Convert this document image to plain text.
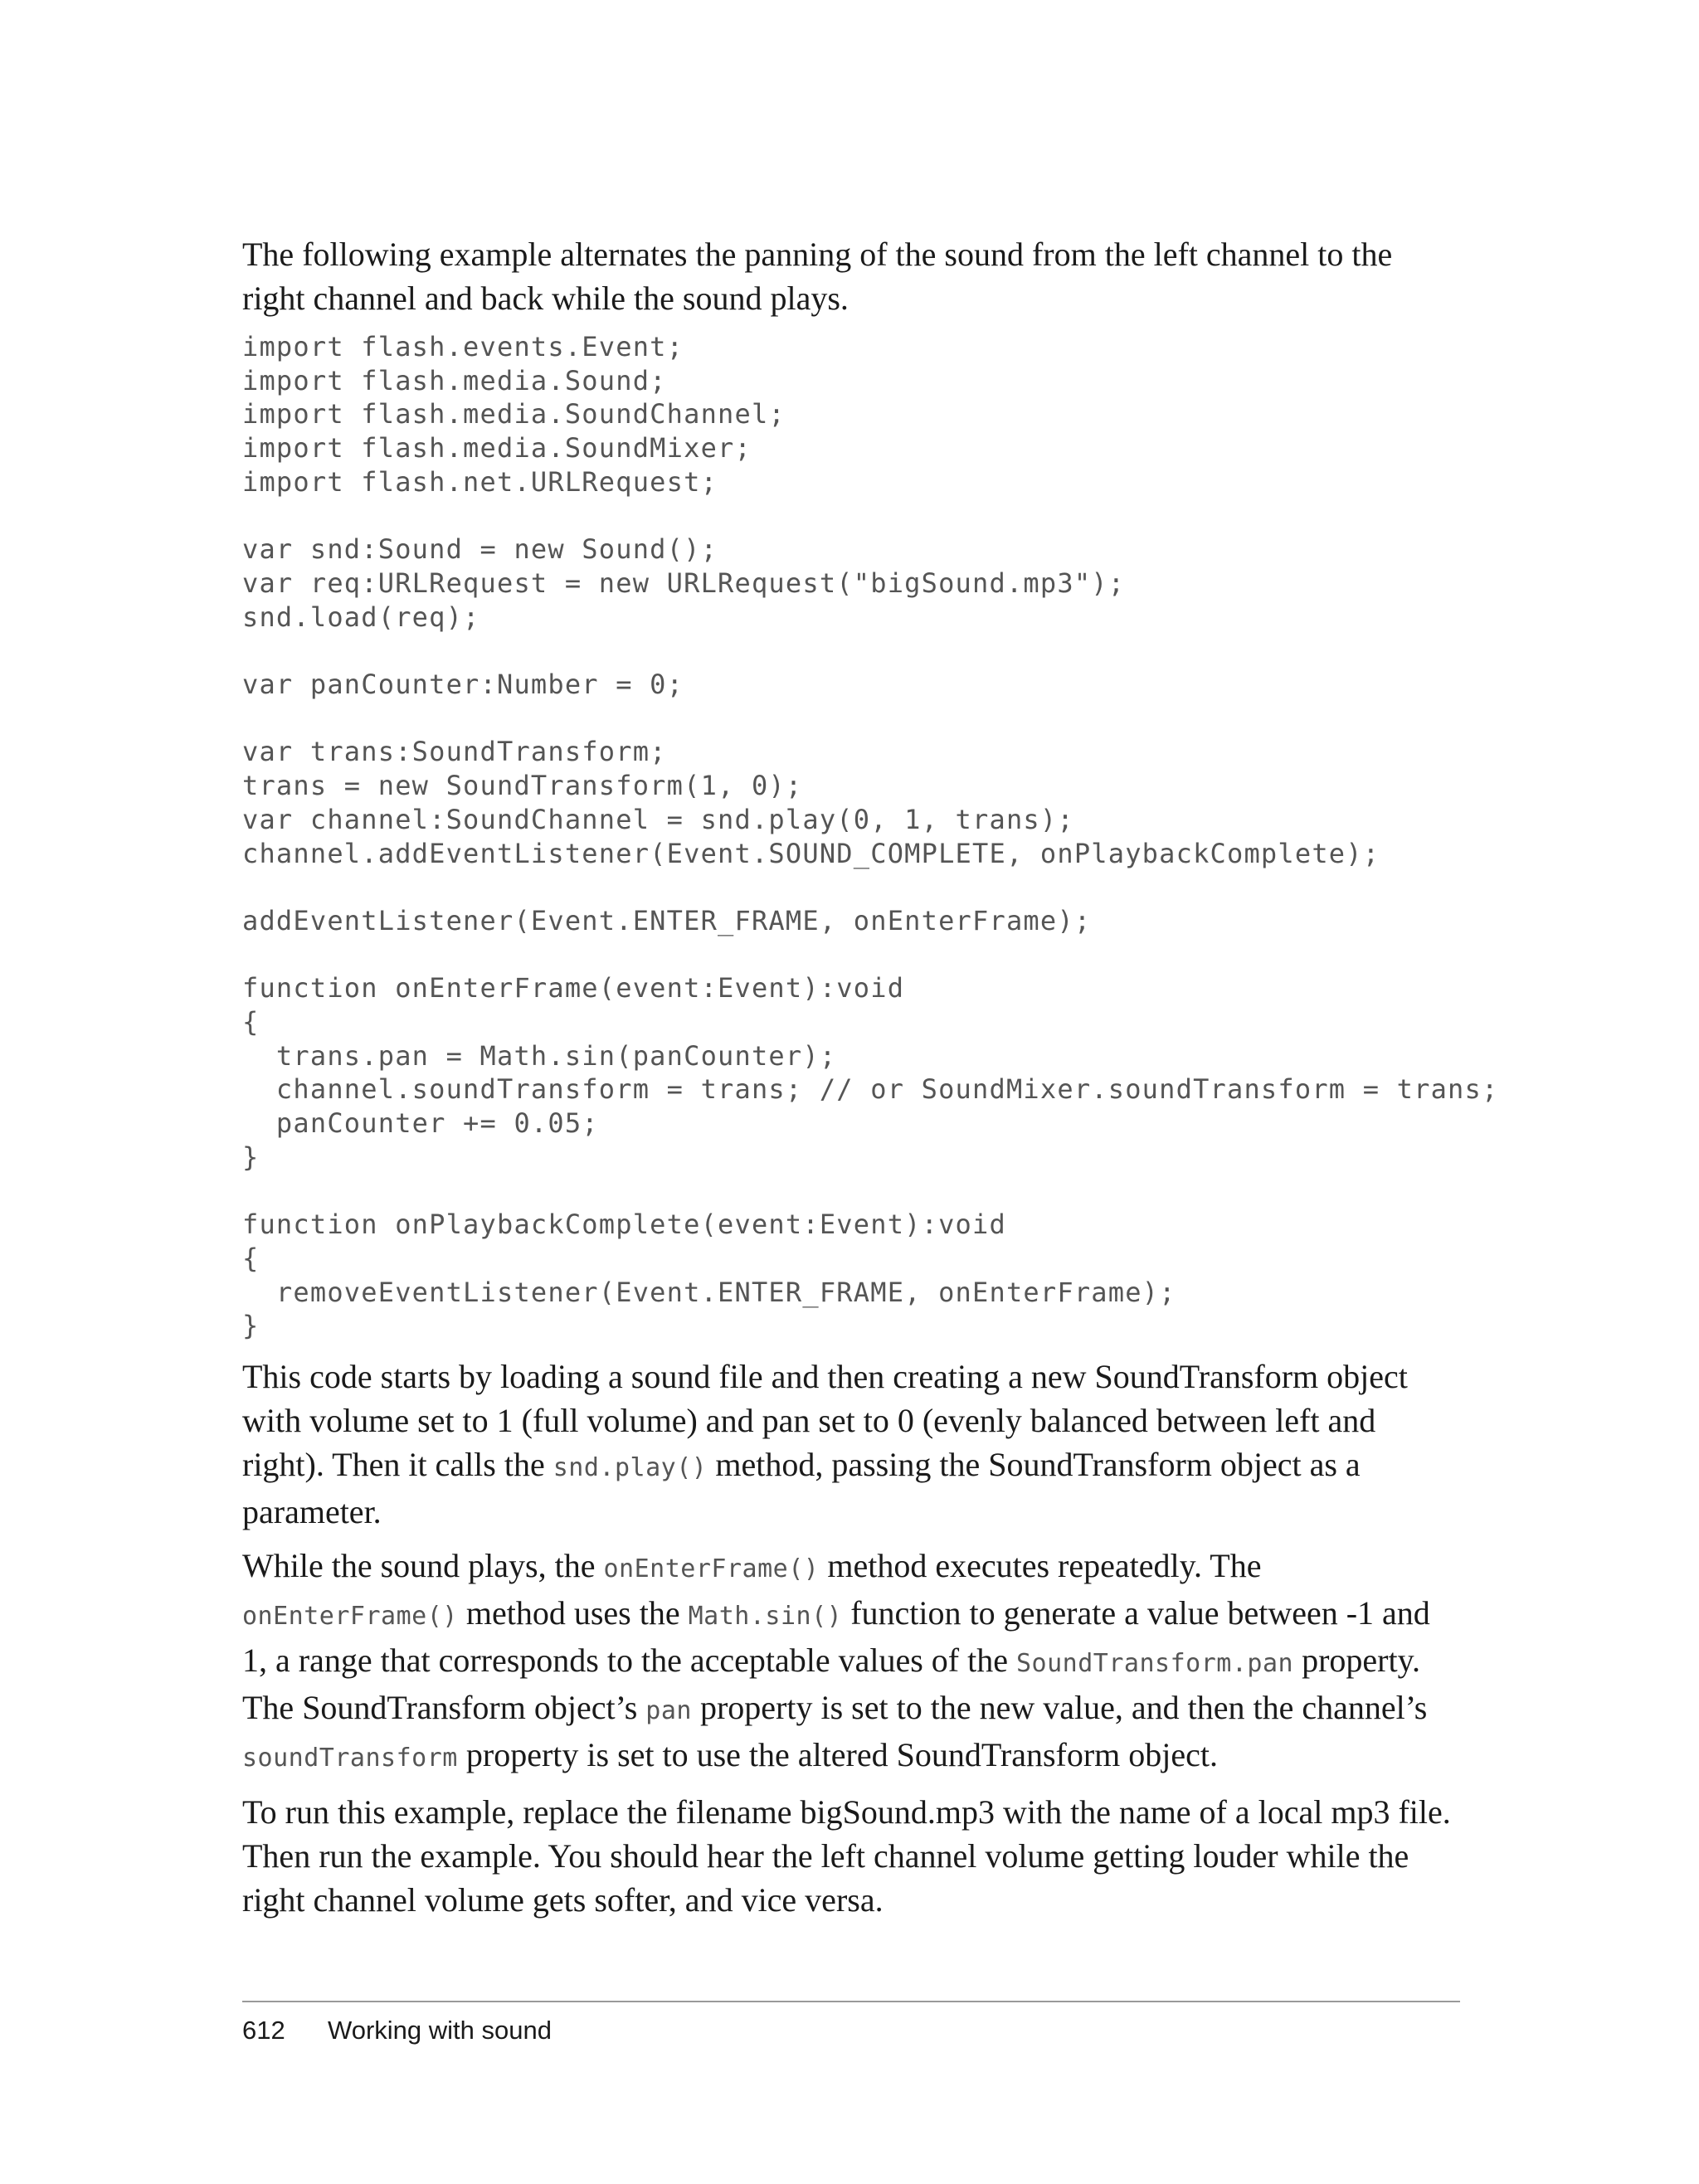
The following example alternates the panning of the sound from the left channel to the right channel and back while the sound plays.

import flash.events.Event;
import flash.media.Sound;
import flash.media.SoundChannel;
import flash.media.SoundMixer;
import flash.net.URLRequest;

var snd:Sound = new Sound();
var req:URLRequest = new URLRequest("bigSound.mp3");
snd.load(req);

var panCounter:Number = 0;

var trans:SoundTransform;
trans = new SoundTransform(1, 0);
var channel:SoundChannel = snd.play(0, 1, trans);
channel.addEventListener(Event.SOUND_COMPLETE, onPlaybackComplete);

addEventListener(Event.ENTER_FRAME, onEnterFrame);

function onEnterFrame(event:Event):void
{
trans.pan = Math.sin(panCounter);
channel.soundTransform = trans; // or SoundMixer.soundTransform = trans;
panCounter += 0.05;
}

function onPlaybackComplete(event:Event):void
{
removeEventListener(Event.ENTER_FRAME, onEnterFrame);
}

This code starts by loading a sound file and then creating a new SoundTransform object with volume set to 1 (full volume) and pan set to 0 (evenly balanced between left and right). Then it calls the snd.play() method, passing the SoundTransform object as a parameter.

While the sound plays, the onEnterFrame() method executes repeatedly. The onEnterFrame() method uses the Math.sin() function to generate a value between -1 and 1, a range that corresponds to the acceptable values of the SoundTransform.pan property. The SoundTransform object’s pan property is set to the new value, and then the channel’s soundTransform property is set to use the altered SoundTransform object.

To run this example, replace the filename bigSound.mp3 with the name of a local mp3 file. Then run the example. You should hear the left channel volume getting louder while the right channel volume gets softer, and vice versa.

612	Working with sound
